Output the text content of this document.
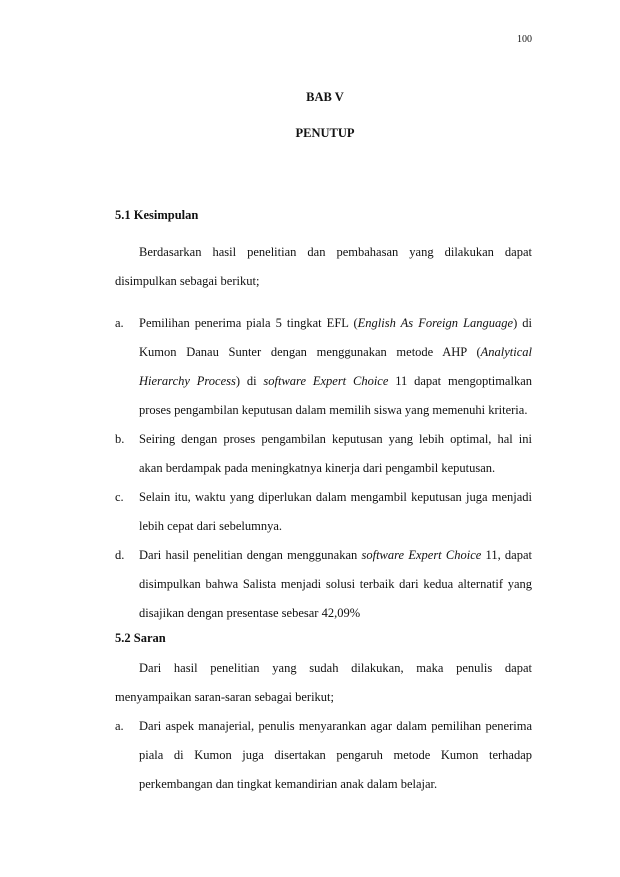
100
BAB V
PENUTUP
5.1 Kesimpulan
Berdasarkan hasil penelitian dan pembahasan yang dilakukan dapat
disimpulkan sebagai berikut;
a. Pemilihan penerima piala 5 tingkat EFL (English As Foreign Language) di
Kumon Danau Sunter dengan menggunakan metode AHP (Analytical
Hierarchy Process) di software Expert Choice 11 dapat mengoptimalkan
proses pengambilan keputusan dalam memilih siswa yang memenuhi kriteria.
b. Seiring dengan proses pengambilan keputusan yang lebih optimal, hal ini
akan berdampak pada meningkatnya kinerja dari pengambil keputusan.
c. Selain itu, waktu yang diperlukan dalam mengambil keputusan juga menjadi
lebih cepat dari sebelumnya.
d. Dari hasil penelitian dengan menggunakan software Expert Choice 11, dapat
disimpulkan bahwa Salista menjadi solusi terbaik dari kedua alternatif yang
disajikan dengan presentase sebesar 42,09%
5.2 Saran
Dari hasil penelitian yang sudah dilakukan, maka penulis dapat
menyampaikan saran-saran sebagai berikut;
a. Dari aspek manajerial, penulis menyarankan agar dalam pemilihan penerima
piala di Kumon juga disertakan pengaruh metode Kumon terhadap
perkembangan dan tingkat kemandirian anak dalam belajar.
